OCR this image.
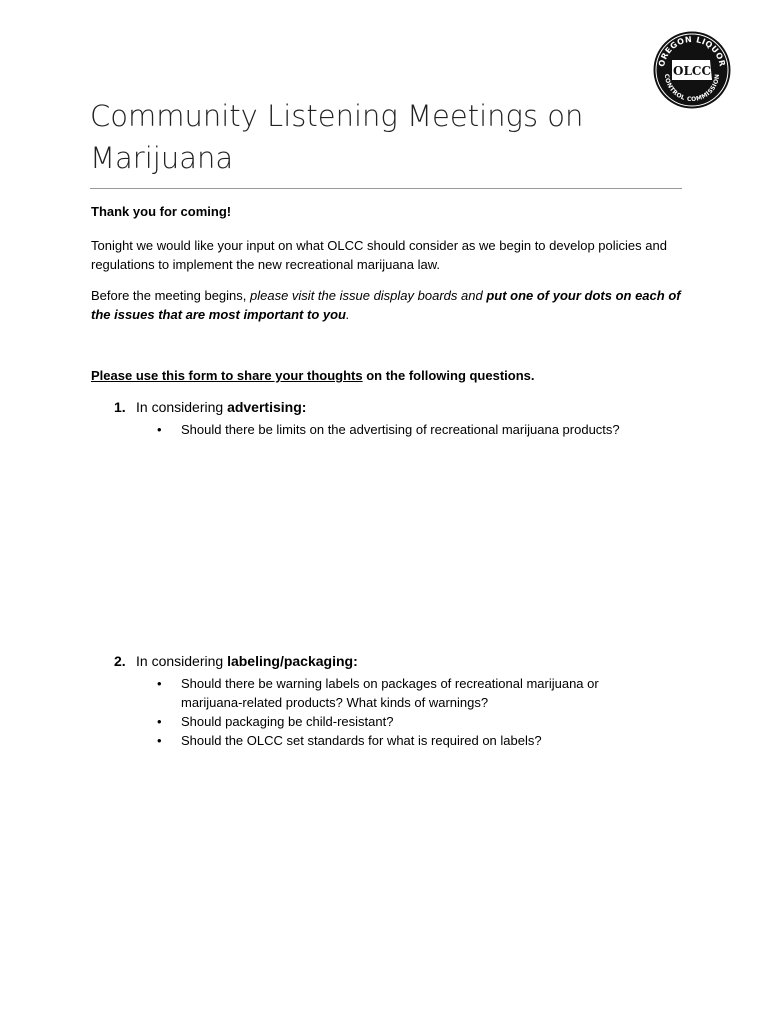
OREGON LIQUOR
CONTROL COMMISSION
OLCC
Community Listening Meetings on
Marijuana
Thank you for coming!
Tonight we would like your input on what OLCC should consider as we begin to develop policies and regulations to implement the new recreational marijuana law.
Before the meeting begins, please visit the issue display boards and put one of your dots on each of the issues that are most important to you.
Please use this form to share your thoughts on the following questions.
1. In considering advertising:
• Should there be limits on the advertising of recreational marijuana products?
2. In considering labeling/packaging:
• Should there be warning labels on packages of recreational marijuana or marijuana-related products? What kinds of warnings?
• Should packaging be child-resistant?
• Should the OLCC set standards for what is required on labels?
